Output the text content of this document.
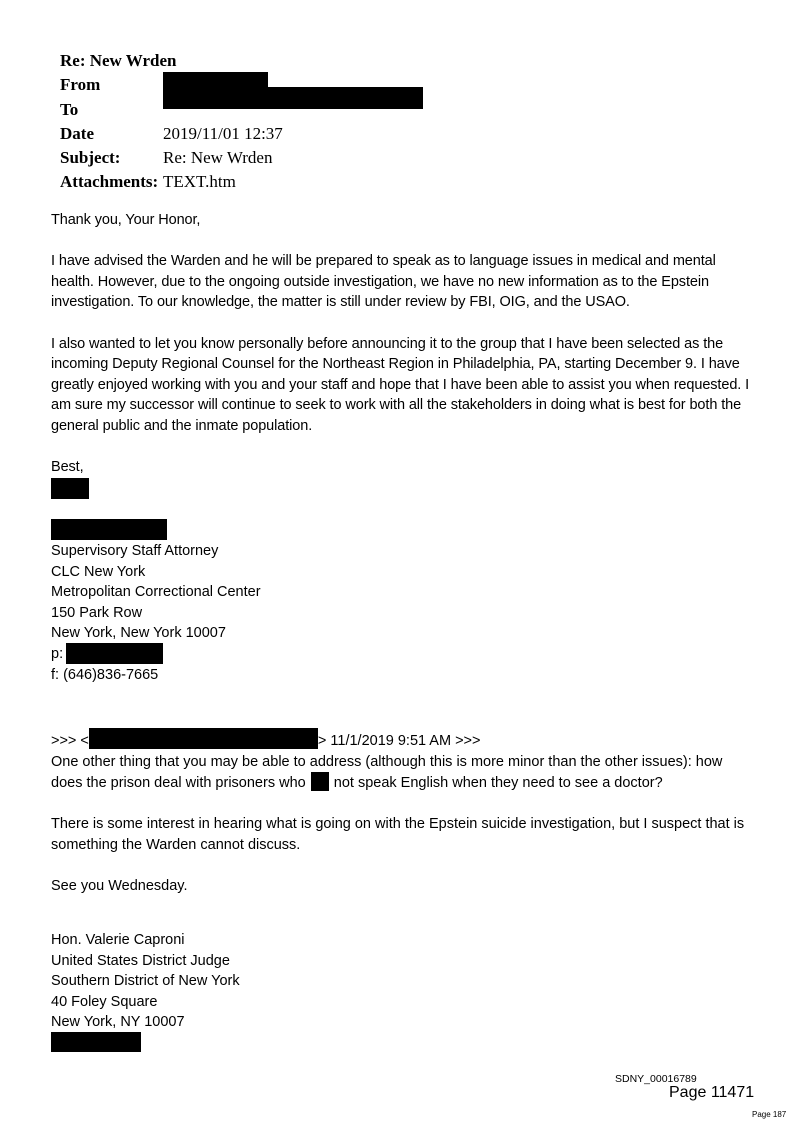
Re: New Wrden
From
To
Date	2019/11/01 12:37
Subject:	Re: New Wrden
Attachments: TEXT.htm

Thank you, Your Honor,

I have advised the Warden and he will be prepared to speak as to language issues in medical and mental health. However, due to the ongoing outside investigation, we have no new information as to the Epstein investigation. To our knowledge, the matter is still under review by FBI, OIG, and the USAO.

I also wanted to let you know personally before announcing it to the group that I have been selected as the incoming Deputy Regional Counsel for the Northeast Region in Philadelphia, PA, starting December 9. I have greatly enjoyed working with you and your staff and hope that I have been able to assist you when requested. I am sure my successor will continue to seek to work with all the stakeholders in doing what is best for both the general public and the inmate population.

Best,

Supervisory Staff Attorney
CLC New York
Metropolitan Correctional Center
150 Park Row
New York, New York 10007
p:
f: (646)836-7665
>>> <	> 11/1/2019 9:51 AM >>>
One other thing that you may be able to address (although this is more minor than the other issues): how
does the prison deal with prisoners who not speak English when they need to see a doctor?
There is some interest in hearing what is going on with the Epstein suicide investigation, but I suspect that is
something the Warden cannot discuss.
See you Wednesday.
Hon. Valerie Caproni
United States District Judge
Southern District of New York
40 Foley Square
New York, NY 10007
SDNY_00016789
Page 11471
Page 187
